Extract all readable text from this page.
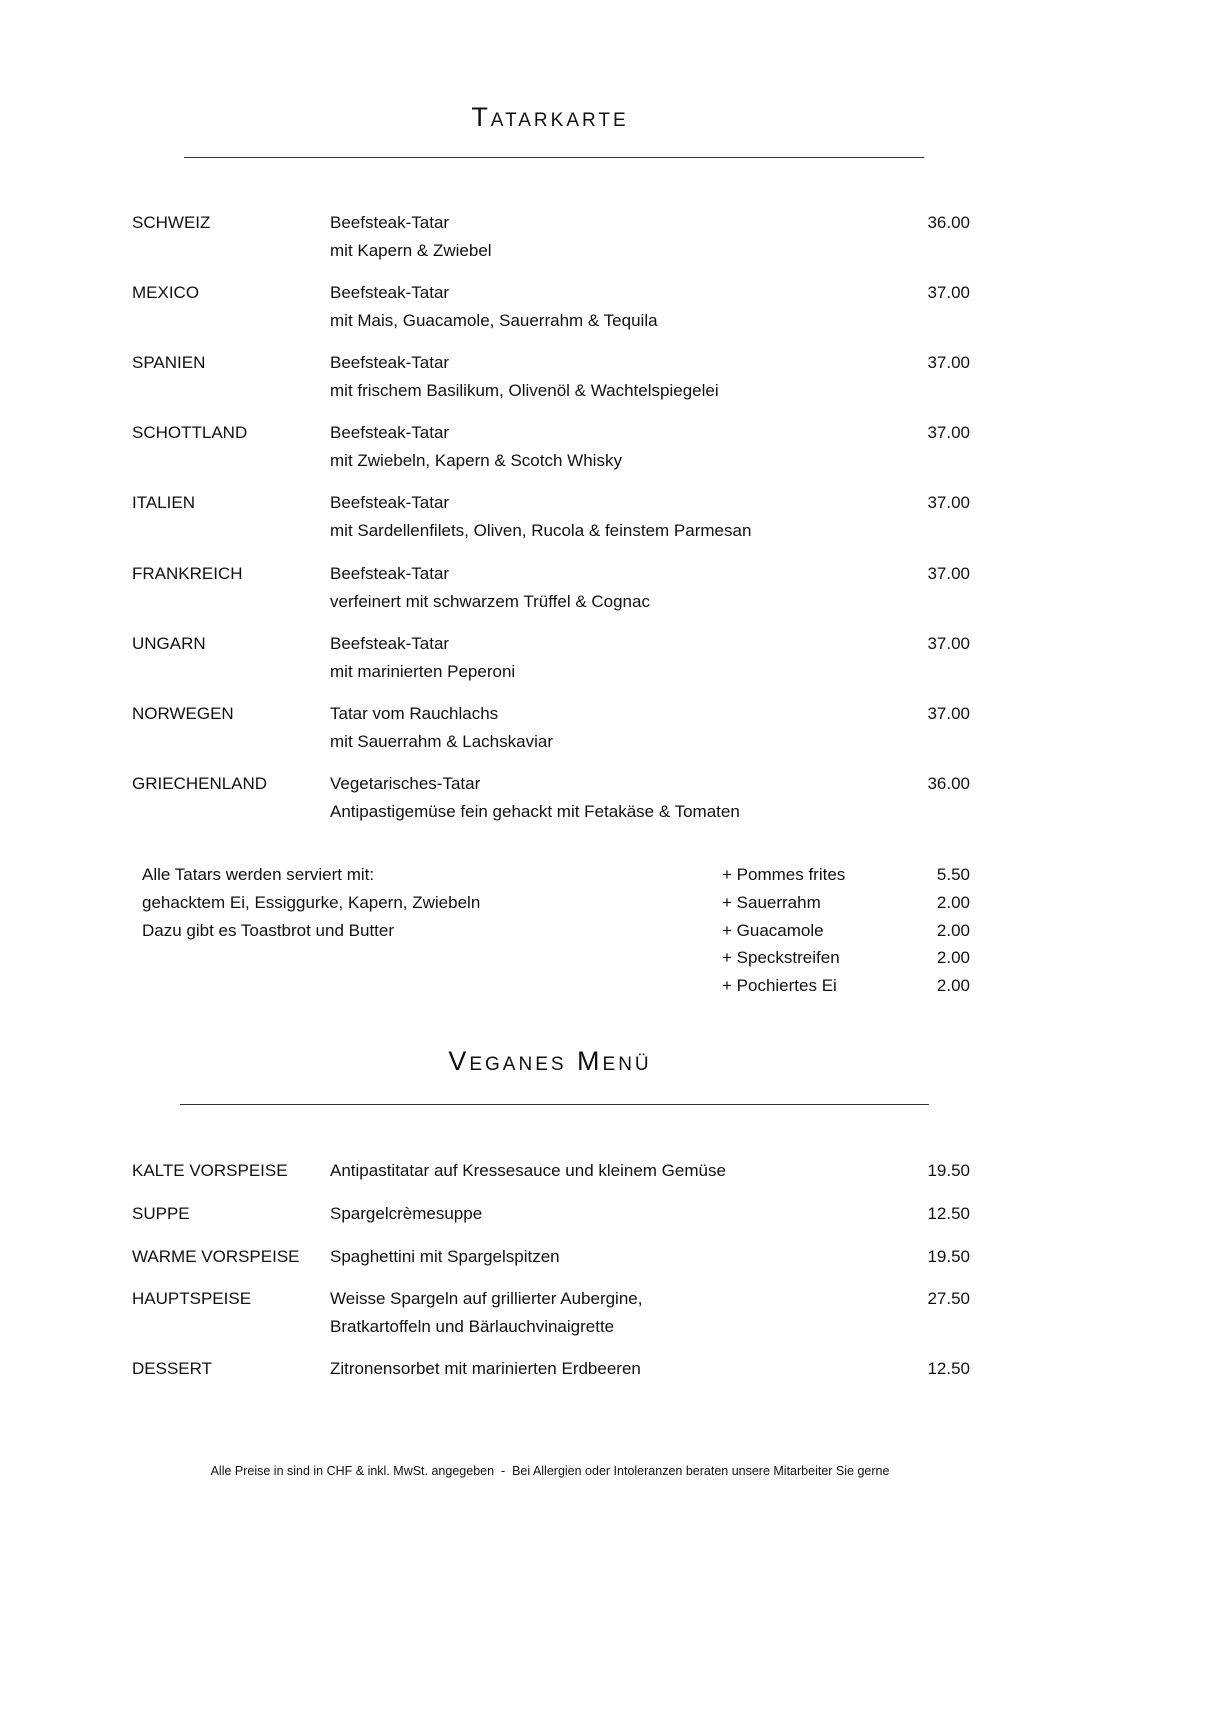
Tatarkarte
SCHWEIZ	Beefsteak-Tatar
mit Kapern & Zwiebel
36.00
MEXICO	Beefsteak-Tatar
mit Mais, Guacamole, Sauerrahm & Tequila
37.00
SPANIEN	Beefsteak-Tatar
mit frischem Basilikum, Olivenöl & Wachtelspiegelei
37.00
SCHOTTLAND	Beefsteak-Tatar
mit Zwiebeln, Kapern & Scotch Whisky
37.00
ITALIEN	Beefsteak-Tatar
mit Sardellenfilets, Oliven, Rucola & feinstem Parmesan
37.00
FRANKREICH	Beefsteak-Tatar
verfeinert mit schwarzem Trüffel & Cognac
37.00
UNGARN	Beefsteak-Tatar
mit marinierten Peperoni
37.00
NORWEGEN	Tatar vom Rauchlachs
mit Sauerrahm & Lachskaviar
37.00
GRIECHENLAND	Vegetarisches-Tatar
Antipastigemüse fein gehackt mit Fetakäse & Tomaten
36.00
Alle Tatars werden serviert mit:
gehacktem Ei, Essiggurke, Kapern, Zwiebeln
Dazu gibt es Toastbrot und Butter
+ Pommes frites	5.50
+ Sauerrahm	2.00
+ Guacamole	2.00
+ Speckstreifen	2.00
+ Pochiertes Ei	2.00
Veganes Menü
KALTE VORSPEISE Antipastitatar auf Kressesauce und kleinem Gemüse	19.50
SUPPE	Spargelcrèmesuppe	12.50
WARME VORSPEISE Spaghettini mit Spargelspitzen	19.50
HAUPTSPEISE	Weisse Spargeln auf grillierter Aubergine,
Bratkartoffeln und Bärlauchvinaigrette
27.50
DESSERT	Zitronensorbet mit marinierten Erdbeeren	12.50
Alle Preise in sind in CHF & inkl. MwSt. angegeben  -  Bei Allergien oder Intoleranzen beraten unsere Mitarbeiter Sie gerne
